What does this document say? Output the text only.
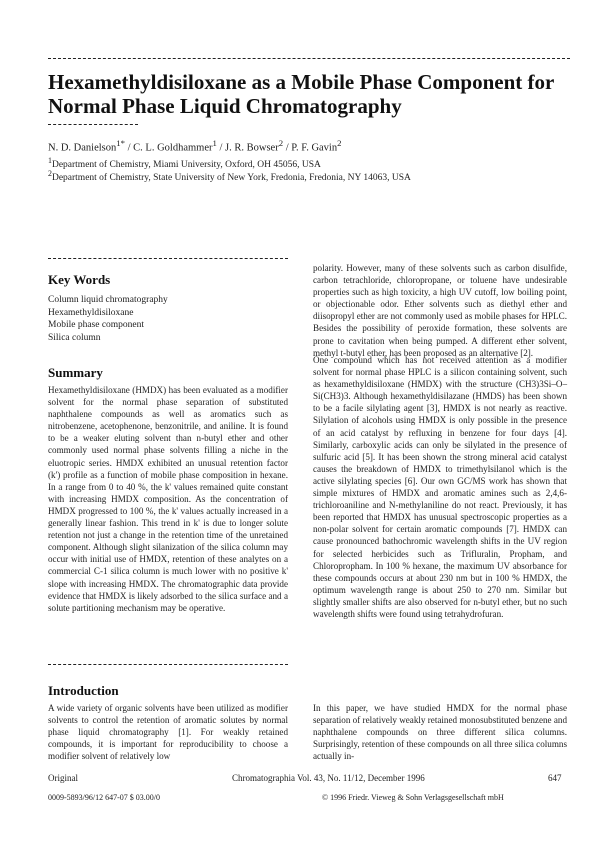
Hexamethyldisiloxane as a Mobile Phase Component for
Normal Phase Liquid Chromatography
N. D. Danielson$^{1*}$ / C. L. Goldhammer$^1$ / J. R. Bowser$^2$ / P. F. Gavin$^2$
$^1$Department of Chemistry, Miami University, Oxford, OH 45056, USA
$^2$Department of Chemistry, State University of New York, Fredonia, Fredonia, NY 14063, USA
Key Words
Column liquid chromatography
Hexamethyldisiloxane
Mobile phase component
Silica column
Summary
Hexamethyldisiloxane (HMDX) has been evaluated as a modifier solvent for the normal phase separation of substituted naphthalene compounds as well as aromatics such as nitrobenzene, acetophenone, benzonitrile, and aniline. It is found to be a weaker eluting solvent than n-butyl ether and other commonly used normal phase solvents filling a niche in the eluotropic series. HMDX exhibited an unusual retention factor (k') profile as a function of mobile phase composition in hexane. In a range from 0 to 40 %, the k' values remained quite constant with increasing HMDX composition. As the concentration of HMDX progressed to 100 %, the k' values actually increased in a generally linear fashion. This trend in k' is due to longer solute retention not just a change in the retention time of the unretained component. Although slight silanization of the silica column may occur with initial use of HMDX, retention of these analytes on a commercial C-1 silica column is much lower with no positive k' slope with increasing HMDX. The chromatographic data provide evidence that HMDX is likely adsorbed to the silica surface and a solute partitioning mechanism may be operative.
Introduction
A wide variety of organic solvents have been utilized as modifier solvents to control the retention of aromatic solutes by normal phase liquid chromatography [1]. For weakly retained compounds, it is important for reproducibility to choose a modifier solvent of relatively low
polarity. However, many of these solvents such as carbon disulfide, carbon tetrachloride, chloropropane, or toluene have undesirable properties such as high toxicity, a high UV cutoff, low boiling point, or objectionable odor. Ether solvents such as diethyl ether and diisopropyl ether are not commonly used as mobile phases for HPLC. Besides the possibility of peroxide formation, these solvents are prone to cavitation when being pumped. A different ether solvent, methyl t-butyl ether, has been proposed as an alternative [2].
One compound which has not received attention as a modifier solvent for normal phase HPLC is a silicon containing solvent, such as hexamethyldisiloxane (HMDX) with the structure (CH3)3Si–O–Si(CH3)3. Although hexamethyldisilazane (HMDS) has been shown to be a facile silylating agent [3], HMDX is not nearly as reactive. Silylation of alcohols using HMDX is only possible in the presence of an acid catalyst by refluxing in benzene for four days [4]. Similarly, carboxylic acids can only be silylated in the presence of sulfuric acid [5]. It has been shown the strong mineral acid catalyst causes the breakdown of HMDX to trimethylsilanol which is the active silylating species [6]. Our own GC/MS work has shown that simple mixtures of HMDX and aromatic amines such as 2,4,6-trichloroaniline and N-methylaniline do not react. Previously, it has been reported that HMDX has unusual spectroscopic properties as a non-polar solvent for certain aromatic compounds [7]. HMDX can cause pronounced bathochromic wavelength shifts in the UV region for selected herbicides such as Trifluralin, Propham, and Chloropropham. In 100 % hexane, the maximum UV absorbance for these compounds occurs at about 230 nm but in 100 % HMDX, the optimum wavelength range is about 250 to 270 nm. Similar but slightly smaller shifts are also observed for n-butyl ether, but no such wavelength shifts were found using tetrahydrofuran.
In this paper, we have studied HMDX for the normal phase separation of relatively weakly retained monosubstituted benzene and naphthalene compounds on three different silica columns. Surprisingly, retention of these compounds on all three silica columns actually in-
Original	Chromatographia Vol. 43, No. 11/12, December 1996	647
0009-5893/96/12 647-07 $ 03.00/0	© 1996 Friedr. Vieweg & Sohn Verlagsgesellschaft mbH
